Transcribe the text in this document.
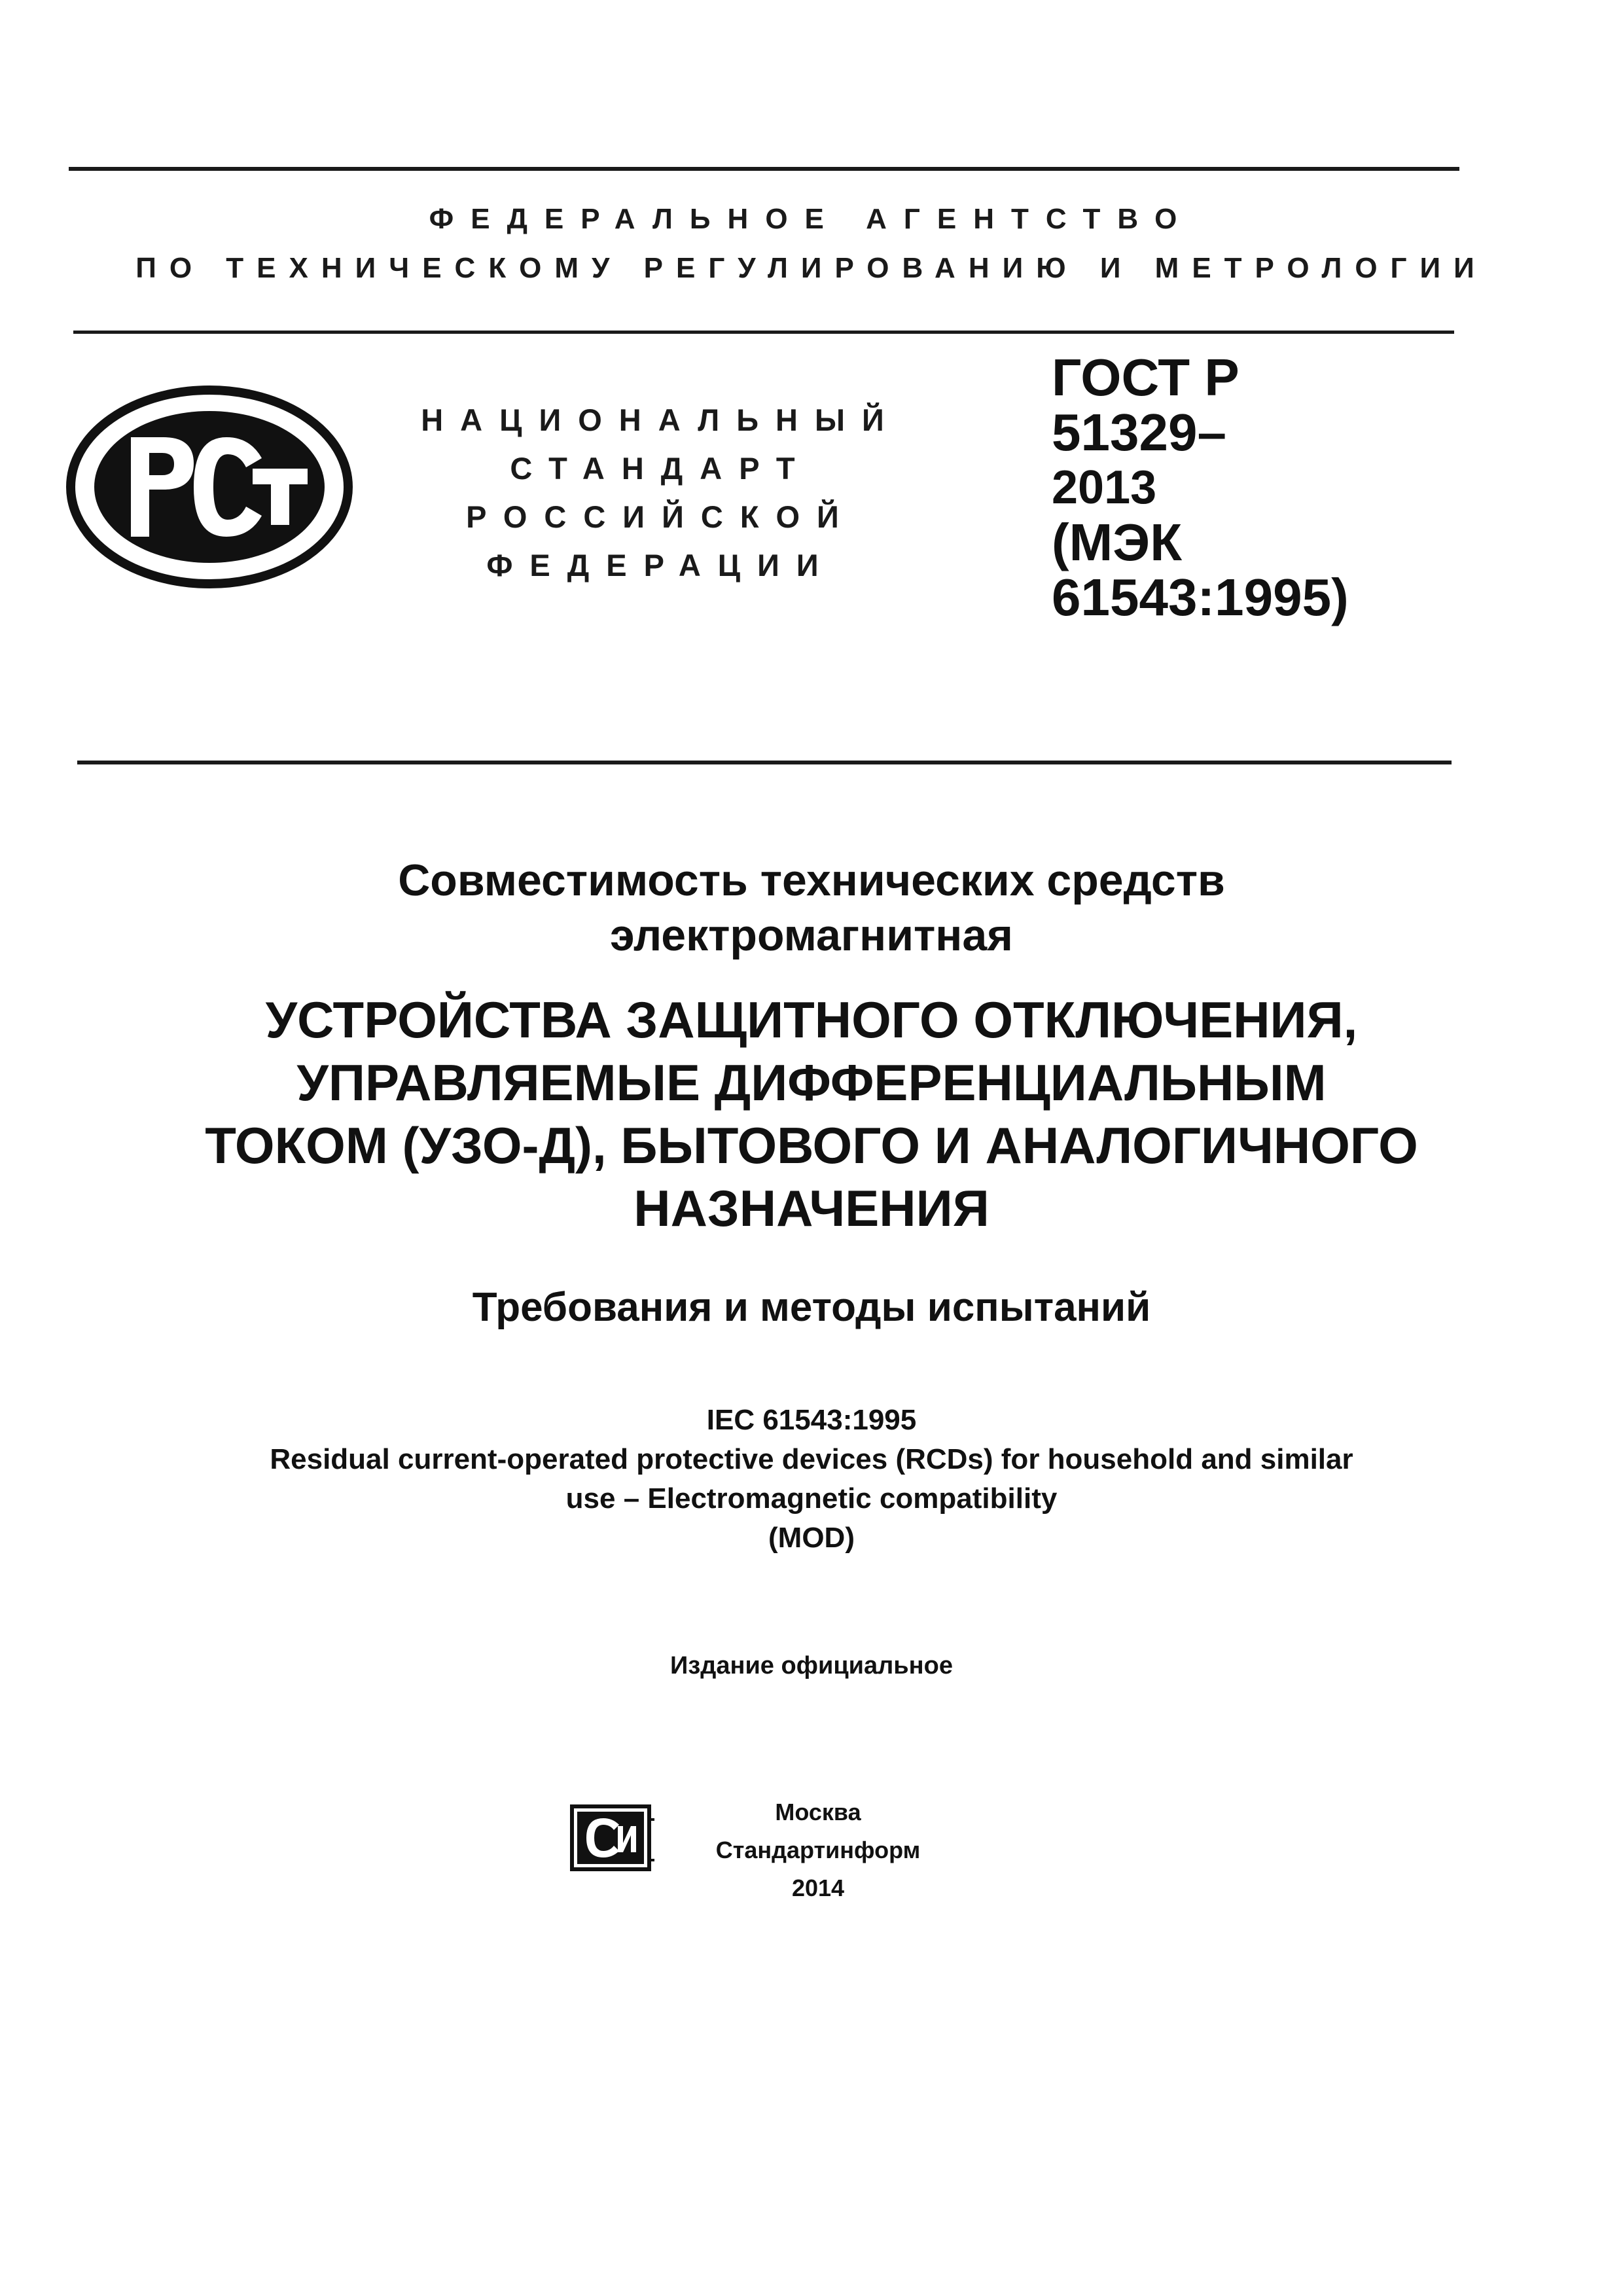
ФЕДЕРАЛЬНОЕ АГЕНТСТВО
ПО ТЕХНИЧЕСКОМУ РЕГУЛИРОВАНИЮ И МЕТРОЛОГИИ
НАЦИОНАЛЬНЫЙ
СТАНДАРТ
РОССИЙСКОЙ
ФЕДЕРАЦИИ
ГОСТ Р
51329–
2013
(МЭК
61543:1995)
Совместимость технических средств
электромагнитная
УСТРОЙСТВА ЗАЩИТНОГО ОТКЛЮЧЕНИЯ,
УПРАВЛЯЕМЫЕ ДИФФЕРЕНЦИАЛЬНЫМ
ТОКОМ (УЗО-Д), БЫТОВОГО И АНАЛОГИЧНОГО
НАЗНАЧЕНИЯ
Требования и методы испытаний
IEC 61543:1995
Residual current-operated protective devices (RCDs) for household and similar
use – Electromagnetic compatibility
(MOD)
Издание официальное
Москва
Стандартинформ
2014
